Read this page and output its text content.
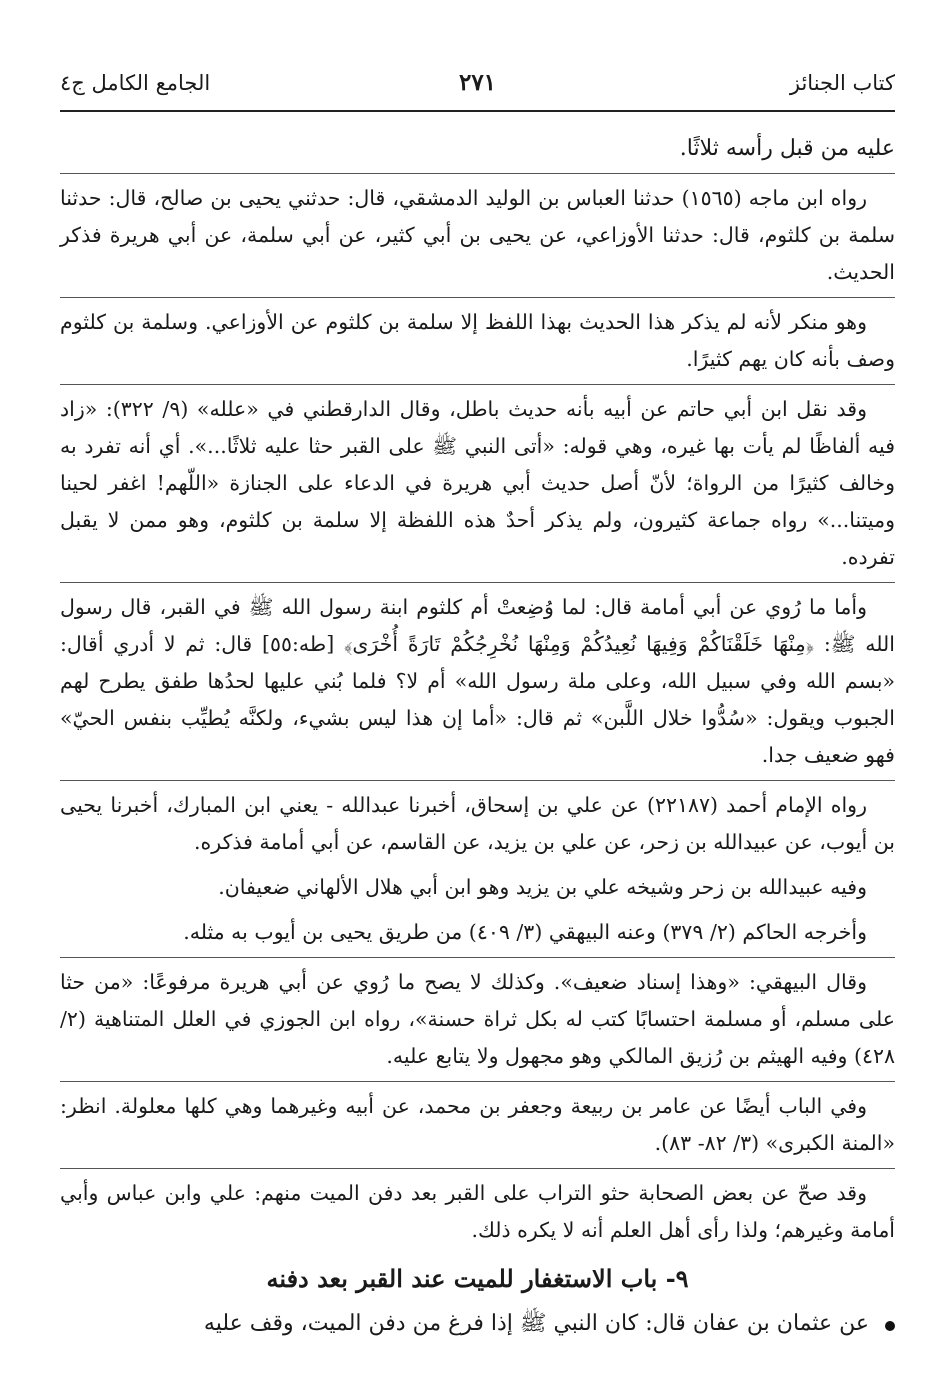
كتاب الجنائز
٢٧١
الجامع الكامل ج٤

عليه من قبل رأسه ثلاثًا.

رواه ابن ماجه (١٥٦٥) حدثنا العباس بن الوليد الدمشقي، قال: حدثني يحيى بن صالح، قال: حدثنا سلمة بن كلثوم، قال: حدثنا الأوزاعي، عن يحيى بن أبي كثير، عن أبي سلمة، عن أبي هريرة فذكر الحديث.

وهو منكر لأنه لم يذكر هذا الحديث بهذا اللفظ إلا سلمة بن كلثوم عن الأوزاعي. وسلمة بن كلثوم وصف بأنه كان يهم كثيرًا.

وقد نقل ابن أبي حاتم عن أبيه بأنه حديث باطل، وقال الدارقطني في «علله» (٩/ ٣٢٢): «زاد فيه ألفاظًا لم يأت بها غيره، وهي قوله: «أتى النبي ﷺ على القبر حثا عليه ثلاثًا...». أي أنه تفرد به وخالف كثيرًا من الرواة؛ لأنّ أصل حديث أبي هريرة في الدعاء على الجنازة «اللّهم! اغفر لحينا وميتنا...» رواه جماعة كثيرون، ولم يذكر أحدٌ هذه اللفظة إلا سلمة بن كلثوم، وهو ممن لا يقبل تفرده.

وأما ما رُوي عن أبي أمامة قال: لما وُضِعتْ أم كلثوم ابنة رسول الله ﷺ في القبر، قال رسول الله ﷺ: ﴿مِنْهَا خَلَقْنَاكُمْ وَفِيهَا نُعِيدُكُمْ وَمِنْهَا نُخْرِجُكُمْ تَارَةً أُخْرَى﴾ [طه:٥٥] قال: ثم لا أدري أقال: «بسم الله وفي سبيل الله، وعلى ملة رسول الله» أم لا؟ فلما بُني عليها لحدُها طفق يطرح لهم الجبوب ويقول: «سُدُّوا خلال اللَّبن» ثم قال: «أما إن هذا ليس بشيء، ولكنَّه يُطيِّب بنفس الحيّ» فهو ضعيف جدا.

رواه الإمام أحمد (٢٢١٨٧) عن علي بن إسحاق، أخبرنا عبدالله - يعني ابن المبارك، أخبرنا يحيى بن أيوب، عن عبيدالله بن زحر، عن علي بن يزيد، عن القاسم، عن أبي أمامة فذكره.

وفيه عبيدالله بن زحر وشيخه علي بن يزيد وهو ابن أبي هلال الألهاني ضعيفان.

وأخرجه الحاكم (٢/ ٣٧٩) وعنه البيهقي (٣/ ٤٠٩) من طريق يحيى بن أيوب به مثله.

وقال البيهقي: «وهذا إسناد ضعيف». وكذلك لا يصح ما رُوي عن أبي هريرة مرفوعًا: «من حثا على مسلم، أو مسلمة احتسابًا كتب له بكل ثراة حسنة»، رواه ابن الجوزي في العلل المتناهية (٢/ ٤٢٨) وفيه الهيثم بن رُزيق المالكي وهو مجهول ولا يتابع عليه.

وفي الباب أيضًا عن عامر بن ربيعة وجعفر بن محمد، عن أبيه وغيرهما وهي كلها معلولة. انظر: «المنة الكبرى» (٣/ ٨٢- ٨٣).

وقد صحّ عن بعض الصحابة حثو التراب على القبر بعد دفن الميت منهم: علي وابن عباس وأبي أمامة وغيرهم؛ ولذا رأى أهل العلم أنه لا يكره ذلك.

٩- باب الاستغفار للميت عند القبر بعد دفنه
عن عثمان بن عفان قال: كان النبي ﷺ إذا فرغ من دفن الميت، وقف عليه
